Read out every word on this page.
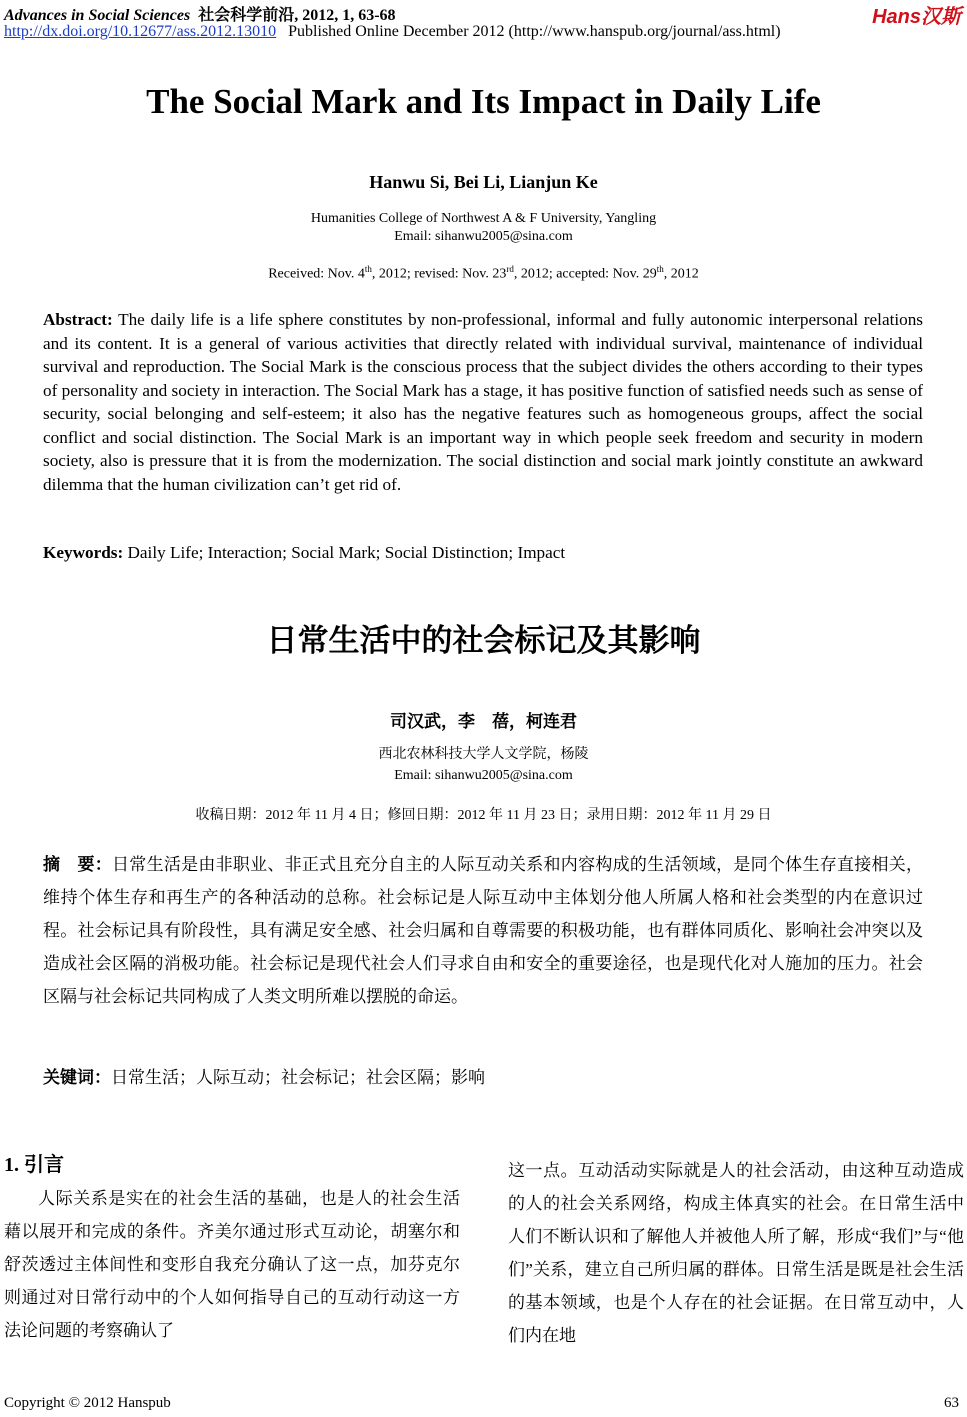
Advances in Social Sciences 社会科学前沿, 2012, 1, 63-68
http://dx.doi.org/10.12677/ass.2012.13010 Published Online December 2012 (http://www.hanspub.org/journal/ass.html)
Hans汉斯
The Social Mark and Its Impact in Daily Life
Hanwu Si, Bei Li, Lianjun Ke
Humanities College of Northwest A & F University, Yangling
Email: sihanwu2005@sina.com
Received: Nov. 4th, 2012; revised: Nov. 23rd, 2012; accepted: Nov. 29th, 2012
Abstract: The daily life is a life sphere constitutes by non-professional, informal and fully autonomic interpersonal relations and its content. It is a general of various activities that directly related with individual survival, maintenance of individual survival and reproduction. The Social Mark is the conscious process that the subject divides the others according to their types of personality and society in interaction. The Social Mark has a stage, it has positive function of satisfied needs such as sense of security, social belonging and self-esteem; it also has the negative features such as homogeneous groups, affect the social conflict and social distinction. The Social Mark is an important way in which people seek freedom and security in modern society, also is pressure that it is from the modernization. The social distinction and social mark jointly constitute an awkward dilemma that the human civilization can’t get rid of.
Keywords: Daily Life; Interaction; Social Mark; Social Distinction; Impact
日常生活中的社会标记及其影响
司汉武，李　蓓，柯连君
西北农林科技大学人文学院，杨陵
Email: sihanwu2005@sina.com
收稿日期：2012 年 11 月 4 日；修回日期：2012 年 11 月 23 日；录用日期：2012 年 11 月 29 日
摘　要：日常生活是由非职业、非正式且充分自主的人际互动关系和内容构成的生活领域，是同个体生存直接相关，维持个体生存和再生产的各种活动的总称。社会标记是人际互动中主体划分他人所属人格和社会类型的内在意识过程。社会标记具有阶段性，具有满足安全感、社会归属和自尊需要的积极功能，也有群体同质化、影响社会冲突以及造成社会区隔的消极功能。社会标记是现代社会人们寻求自由和安全的重要途径，也是现代化对人施加的压力。社会区隔与社会标记共同构成了人类文明所难以摆脱的命运。
关键词：日常生活；人际互动；社会标记；社会区隔；影响
1. 引言
人际关系是实在的社会生活的基础，也是人的社会生活藉以展开和完成的条件。齐美尔通过形式互动论，胡塞尔和舒茨透过主体间性和变形自我充分确认了这一点，加芬克尔则通过对日常行动中的个人如何指导自己的互动行动这一方法论问题的考察确认了
这一点。互动活动实际就是人的社会活动，由这种互动造成的人的社会关系网络，构成主体真实的社会。在日常生活中人们不断认识和了解他人并被他人所了解，形成“我们”与“他们”关系，建立自己所归属的群体。日常生活是既是社会生活的基本领域，也是个人存在的社会证据。在日常互动中，人们内在地
Copyright © 2012 Hanspub	63
